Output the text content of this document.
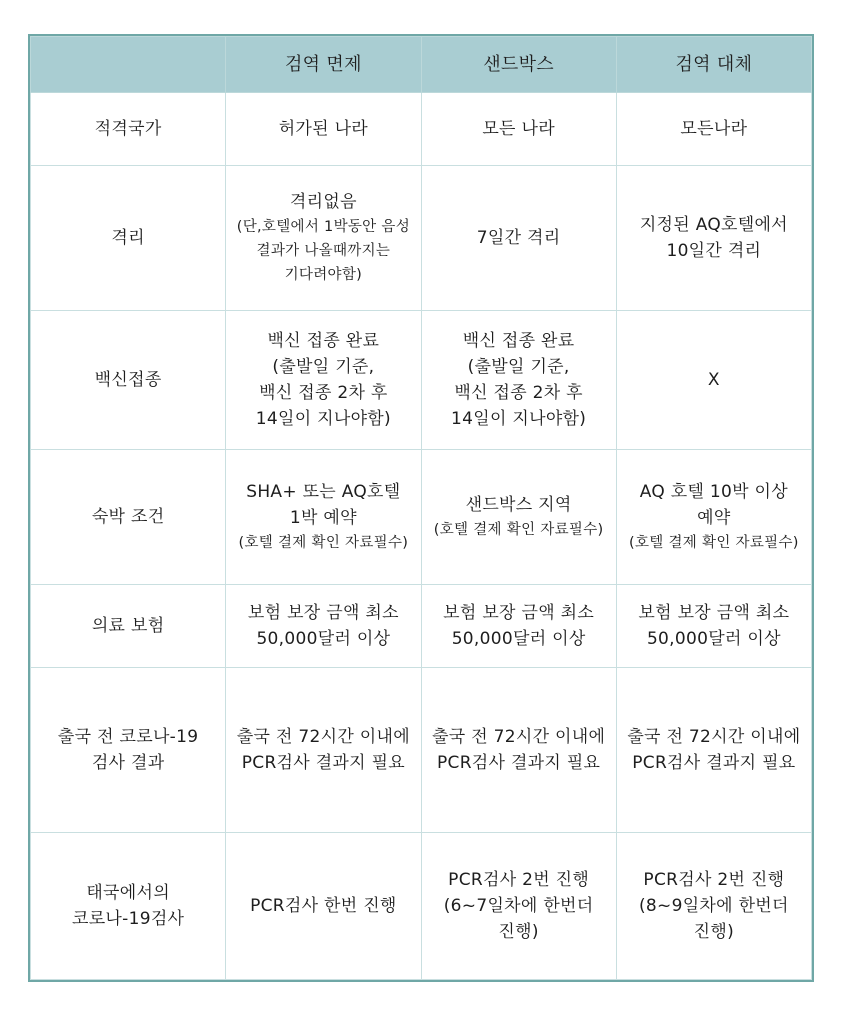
	검역 면제	샌드박스	검역 대체

적격국가	허가된 나라	모든 나라	모든나라

격리	격리없음
(단,호텔에서 1박동안 음성
결과가 나올때까지는
기다려야함)	7일간 격리	지정된 AQ호텔에서
10일간 격리

백신접종	백신 접종 완료
(출발일 기준,
백신 접종 2차 후
14일이 지나야함)	백신 접종 완료
(출발일 기준,
백신 접종 2차 후
14일이 지나야함)	X

숙박 조건	SHA+ 또는 AQ호텔
1박 예약
(호텔 결제 확인 자료필수)	샌드박스 지역
(호텔 결제 확인 자료필수)	AQ 호텔 10박 이상
예약
(호텔 결제 확인 자료필수)

의료 보험	보험 보장 금액 최소
50,000달러 이상	보험 보장 금액 최소
50,000달러 이상	보험 보장 금액 최소
50,000달러 이상

출국 전 코로나-19
검사 결과	출국 전 72시간 이내에
PCR검사 결과지 필요	출국 전 72시간 이내에
PCR검사 결과지 필요	출국 전 72시간 이내에
PCR검사 결과지 필요

태국에서의
코로나-19검사	PCR검사 한번 진행	PCR검사 2번 진행
(6~7일차에 한번더
진행)	PCR검사 2번 진행
(8~9일차에 한번더
진행)
